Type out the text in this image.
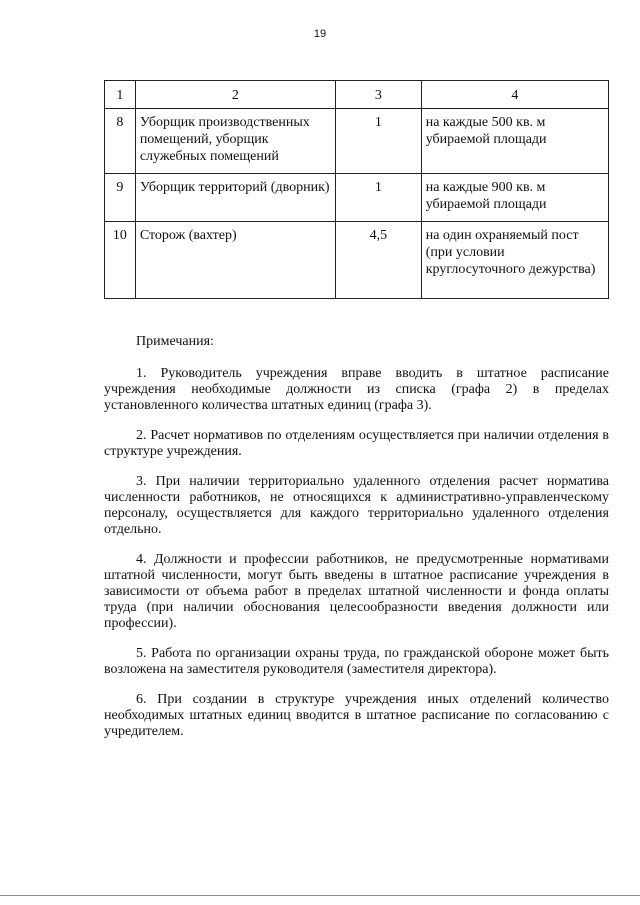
19
1	2	3	4
8	Уборщик производственных помещений, уборщик служебных помещений	1	на каждые 500 кв. м убираемой площади
9	Уборщик территорий (дворник)	1	на каждые 900 кв. м убираемой площади
10	Сторож (вахтер)	4,5	на один охраняемый пост (при условии круглосуточного дежурства)

Примечания:

1. Руководитель учреждения вправе вводить в штатное расписание учреждения необходимые должности из списка (графа 2) в пределах установленного количества штатных единиц (графа 3).

2. Расчет нормативов по отделениям осуществляется при наличии отделения в структуре учреждения.

3. При наличии территориально удаленного отделения расчет норматива численности работников, не относящихся к административно-управленческому персоналу, осуществляется для каждого территориально удаленного отделения отдельно.

4. Должности и профессии работников, не предусмотренные нормативами штатной численности, могут быть введены в штатное расписание учреждения в зависимости от объема работ в пределах штатной численности и фонда оплаты труда (при наличии обоснования целесообразности введения должности или профессии).

5. Работа по организации охраны труда, по гражданской обороне может быть возложена на заместителя руководителя (заместителя директора).

6. При создании в структуре учреждения иных отделений количество необходимых штатных единиц вводится в штатное расписание по согласованию с учредителем.
